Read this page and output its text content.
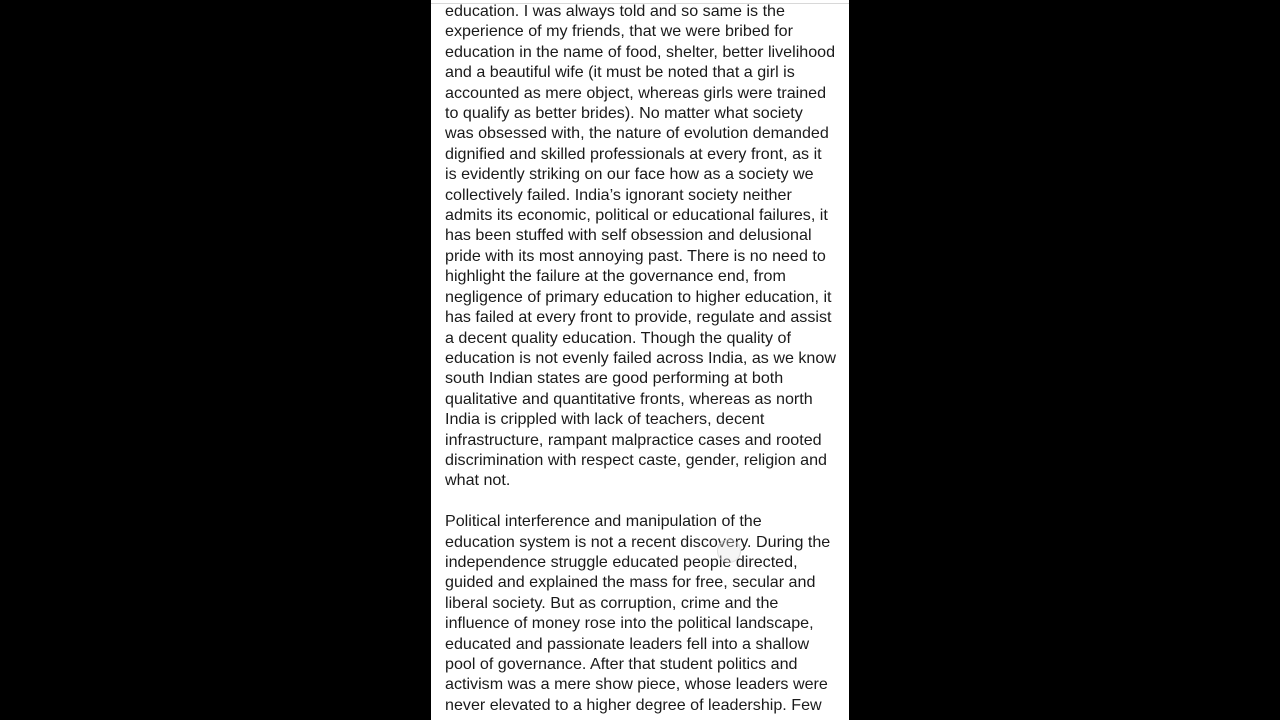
education. I was always told and so same is the
experience of my friends, that we were bribed for
education in the name of food, shelter, better livelihood
and a beautiful wife (it must be noted that a girl is
accounted as mere object, whereas girls were trained
to qualify as better brides). No matter what society
was obsessed with, the nature of evolution demanded
dignified and skilled professionals at every front, as it
is evidently striking on our face how as a society we
collectively failed. India’s ignorant society neither
admits its economic, political or educational failures, it
has been stuffed with self obsession and delusional
pride with its most annoying past. There is no need to
highlight the failure at the governance end, from
negligence of primary education to higher education, it
has failed at every front to provide, regulate and assist
a decent quality education. Though the quality of
education is not evenly failed across India, as we know
south Indian states are good performing at both
qualitative and quantitative fronts, whereas as north
India is crippled with lack of teachers, decent
infrastructure, rampant malpractice cases and rooted
discrimination with respect caste, gender, religion and
what not.

Political interference and manipulation of the
education system is not a recent discovery. During the
independence struggle educated people directed,
guided and explained the mass for free, secular and
liberal society. But as corruption, crime and the
influence of money rose into the political landscape,
educated and passionate leaders fell into a shallow
pool of governance. After that student politics and
activism was a mere show piece, whose leaders were
never elevated to a higher degree of leadership. Few
